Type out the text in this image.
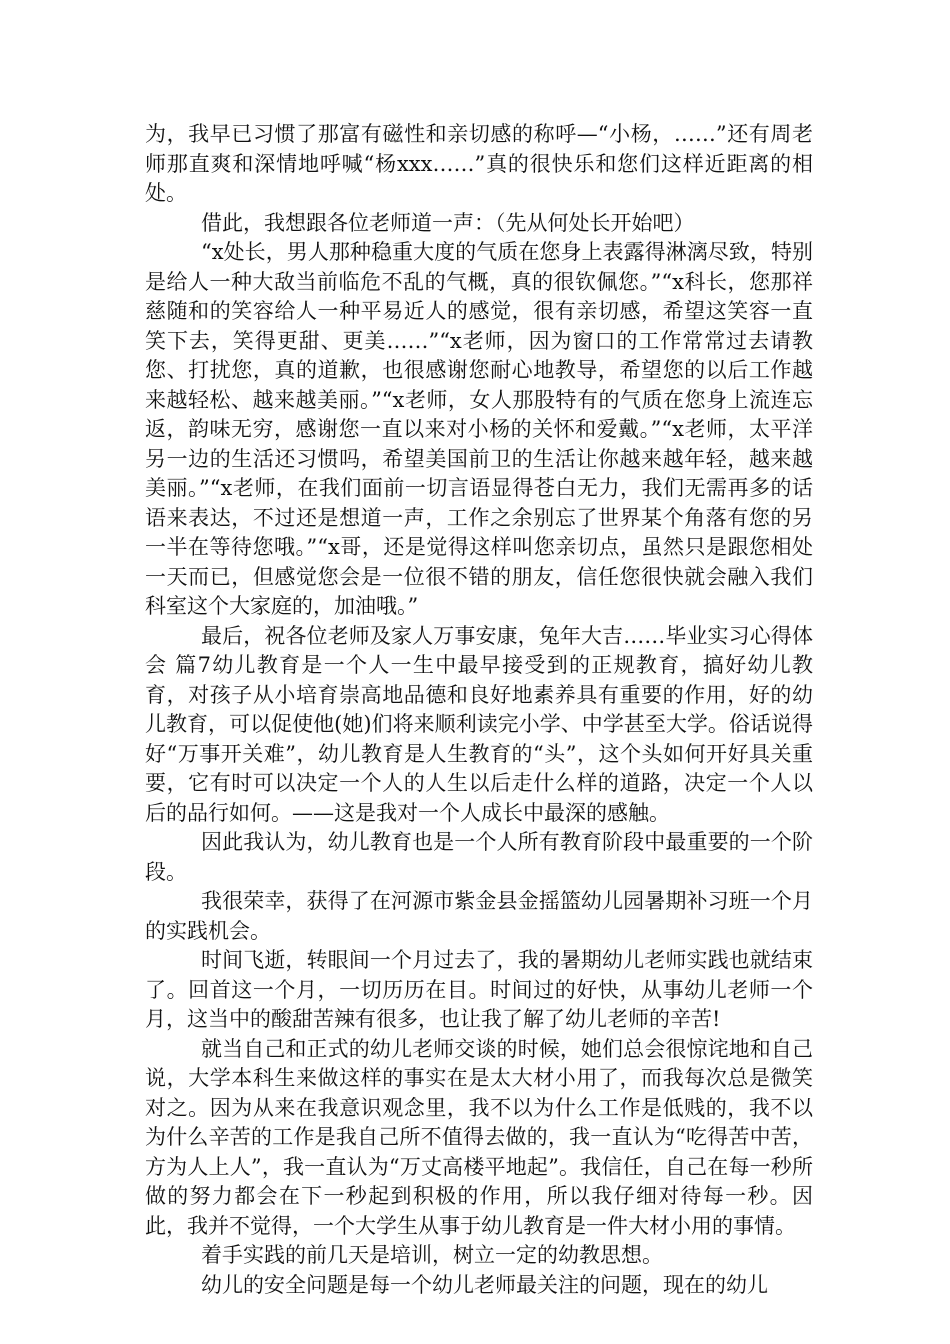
为，我早已习惯了那富有磁性和亲切感的称呼—“小杨，……”还有周老师那直爽和深情地呼喊“杨xxx……”真的很快乐和您们这样近距离的相处。

借此，我想跟各位老师道一声：（先从何处长开始吧）

“x处长，男人那种稳重大度的气质在您身上表露得淋漓尽致，特别是给人一种大敌当前临危不乱的气概，真的很钦佩您。”“x科长，您那祥慈随和的笑容给人一种平易近人的感觉，很有亲切感，希望这笑容一直笑下去，笑得更甜、更美……”“x老师，因为窗口的工作常常过去请教您、打扰您，真的道歉，也很感谢您耐心地教导，希望您的以后工作越来越轻松、越来越美丽。”“x老师，女人那股特有的气质在您身上流连忘返，韵味无穷，感谢您一直以来对小杨的关怀和爱戴。”“x老师，太平洋另一边的生活还习惯吗，希望美国前卫的生活让你越来越年轻，越来越美丽。”“x老师，在我们面前一切言语显得苍白无力，我们无需再多的话语来表达，不过还是想道一声，工作之余别忘了世界某个角落有您的另一半在等待您哦。”“x哥，还是觉得这样叫您亲切点，虽然只是跟您相处一天而已，但感觉您会是一位很不错的朋友，信任您很快就会融入我们科室这个大家庭的，加油哦。”

最后，祝各位老师及家人万事安康，兔年大吉……毕业实习心得体会 篇7幼儿教育是一个人一生中最早接受到的正规教育，搞好幼儿教育，对孩子从小培育崇高地品德和良好地素养具有重要的作用，好的幼儿教育，可以促使他(她)们将来顺利读完小学、中学甚至大学。俗话说得好“万事开关难”，幼儿教育是人生教育的“头”，这个头如何开好具关重要，它有时可以决定一个人的人生以后走什么样的道路，决定一个人以后的品行如何。——这是我对一个人成长中最深的感触。

因此我认为，幼儿教育也是一个人所有教育阶段中最重要的一个阶段。

我很荣幸，获得了在河源市紫金县金摇篮幼儿园暑期补习班一个月的实践机会。

时间飞逝，转眼间一个月过去了，我的暑期幼儿老师实践也就结束了。回首这一个月，一切历历在目。时间过的好快，从事幼儿老师一个月，这当中的酸甜苦辣有很多，也让我了解了幼儿老师的辛苦!

就当自己和正式的幼儿老师交谈的时候，她们总会很惊诧地和自己说，大学本科生来做这样的事实在是太大材小用了，而我每次总是微笑对之。因为从来在我意识观念里，我不以为什么工作是低贱的，我不以为什么辛苦的工作是我自己所不值得去做的，我一直认为“吃得苦中苦，方为人上人”，我一直认为“万丈高楼平地起”。我信任，自己在每一秒所做的努力都会在下一秒起到积极的作用，所以我仔细对待每一秒。因此，我并不觉得，一个大学生从事于幼儿教育是一件大材小用的事情。

着手实践的前几天是培训，树立一定的幼教思想。

幼儿的安全问题是每一个幼儿老师最关注的问题，现在的幼儿
